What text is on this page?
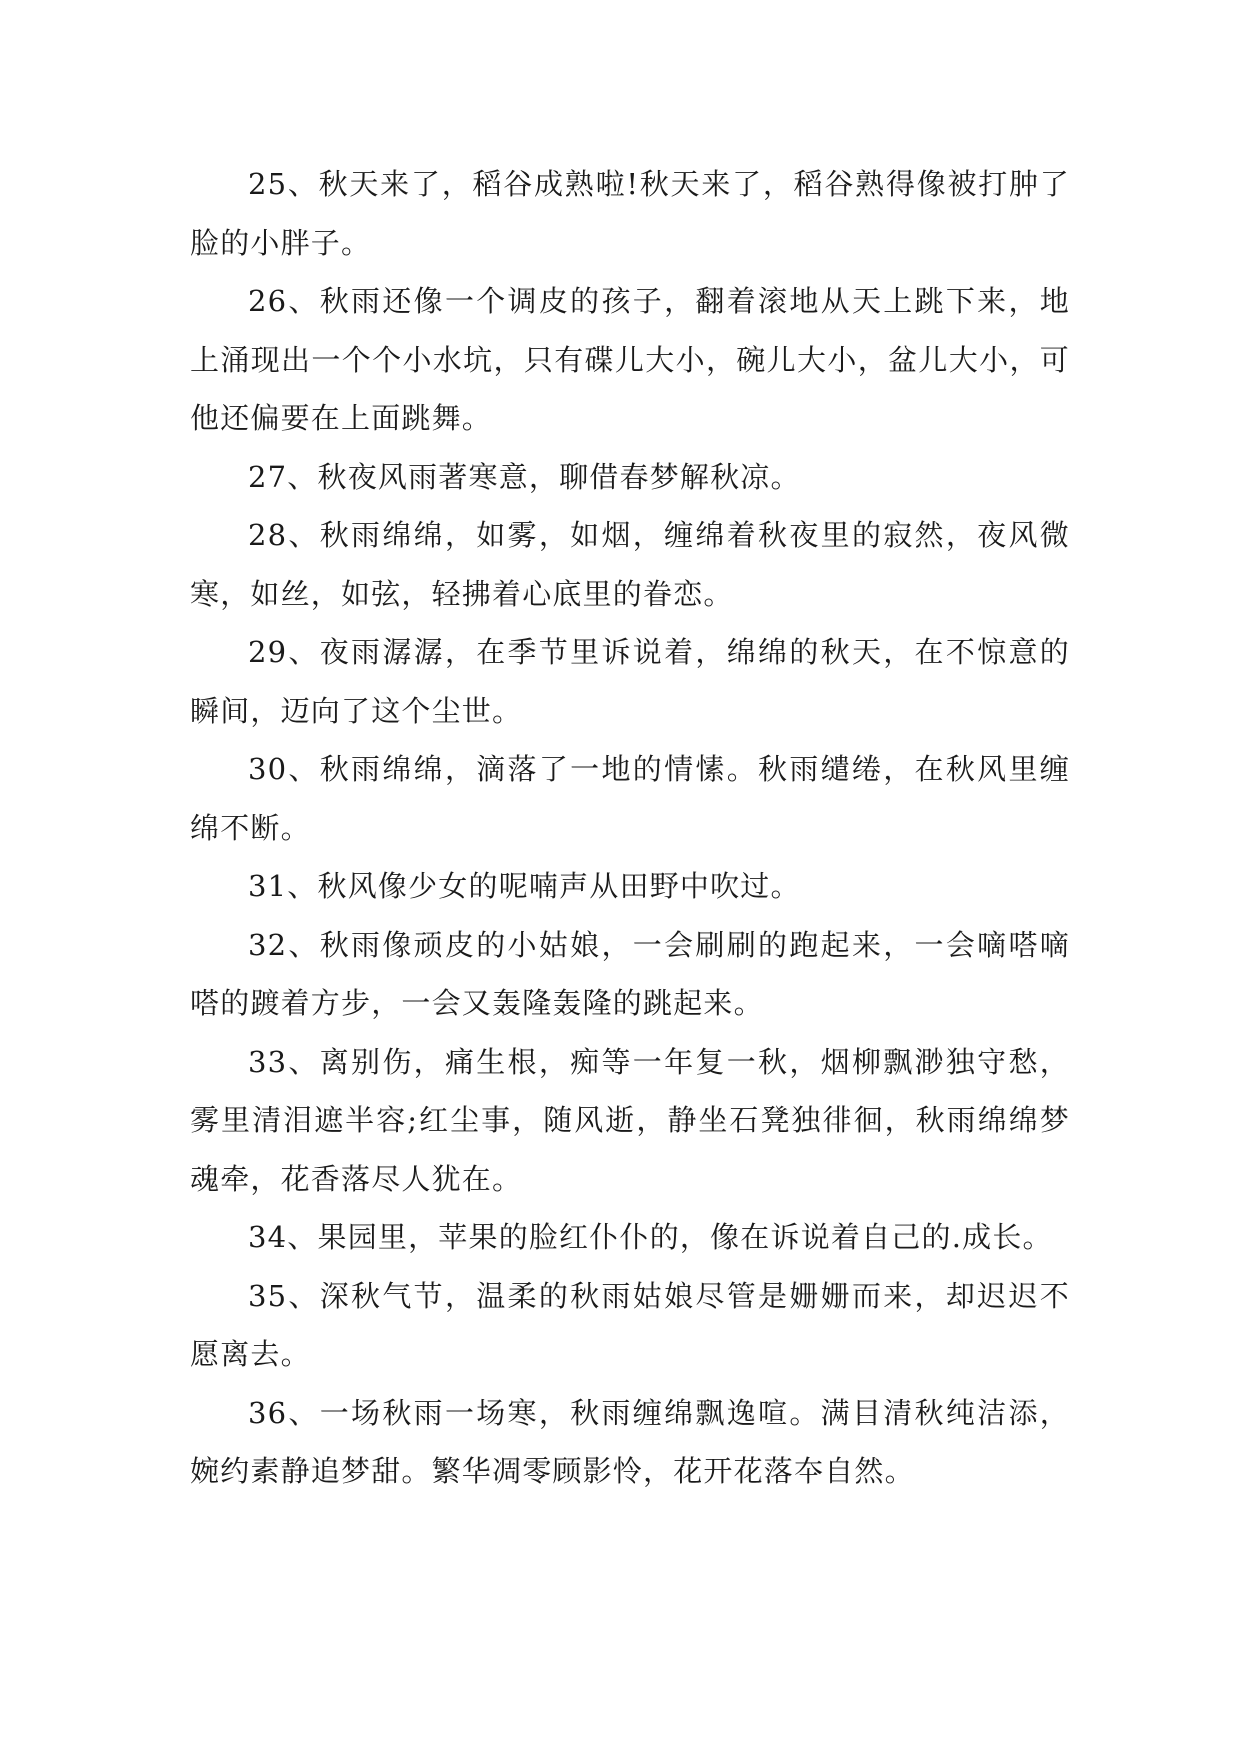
25、秋天来了，稻谷成熟啦!秋天来了，稻谷熟得像被打肿了脸的小胖子。

26、秋雨还像一个调皮的孩子，翻着滚地从天上跳下来，地上涌现出一个个小水坑，只有碟儿大小，碗儿大小，盆儿大小，可他还偏要在上面跳舞。

27、秋夜风雨著寒意，聊借春梦解秋凉。

28、秋雨绵绵，如雾，如烟，缠绵着秋夜里的寂然，夜风微寒，如丝，如弦，轻拂着心底里的眷恋。

29、夜雨潺潺，在季节里诉说着，绵绵的秋天，在不惊意的瞬间，迈向了这个尘世。

30、秋雨绵绵，滴落了一地的情愫。秋雨缱绻，在秋风里缠绵不断。

31、秋风像少女的呢喃声从田野中吹过。

32、秋雨像顽皮的小姑娘，一会刷刷的跑起来，一会嘀嗒嘀嗒的踱着方步，一会又轰隆轰隆的跳起来。

33、离别伤，痛生根，痴等一年复一秋，烟柳飘渺独守愁，雾里清泪遮半容;红尘事，随风逝，静坐石凳独徘徊，秋雨绵绵梦魂牵，花香落尽人犹在。

34、果园里，苹果的脸红仆仆的，像在诉说着自己的.成长。

35、深秋气节，温柔的秋雨姑娘尽管是姗姗而来，却迟迟不愿离去。

36、一场秋雨一场寒，秋雨缠绵飘逸喧。满目清秋纯洁添，婉约素静追梦甜。繁华凋零顾影怜，花开花落夲自然。
